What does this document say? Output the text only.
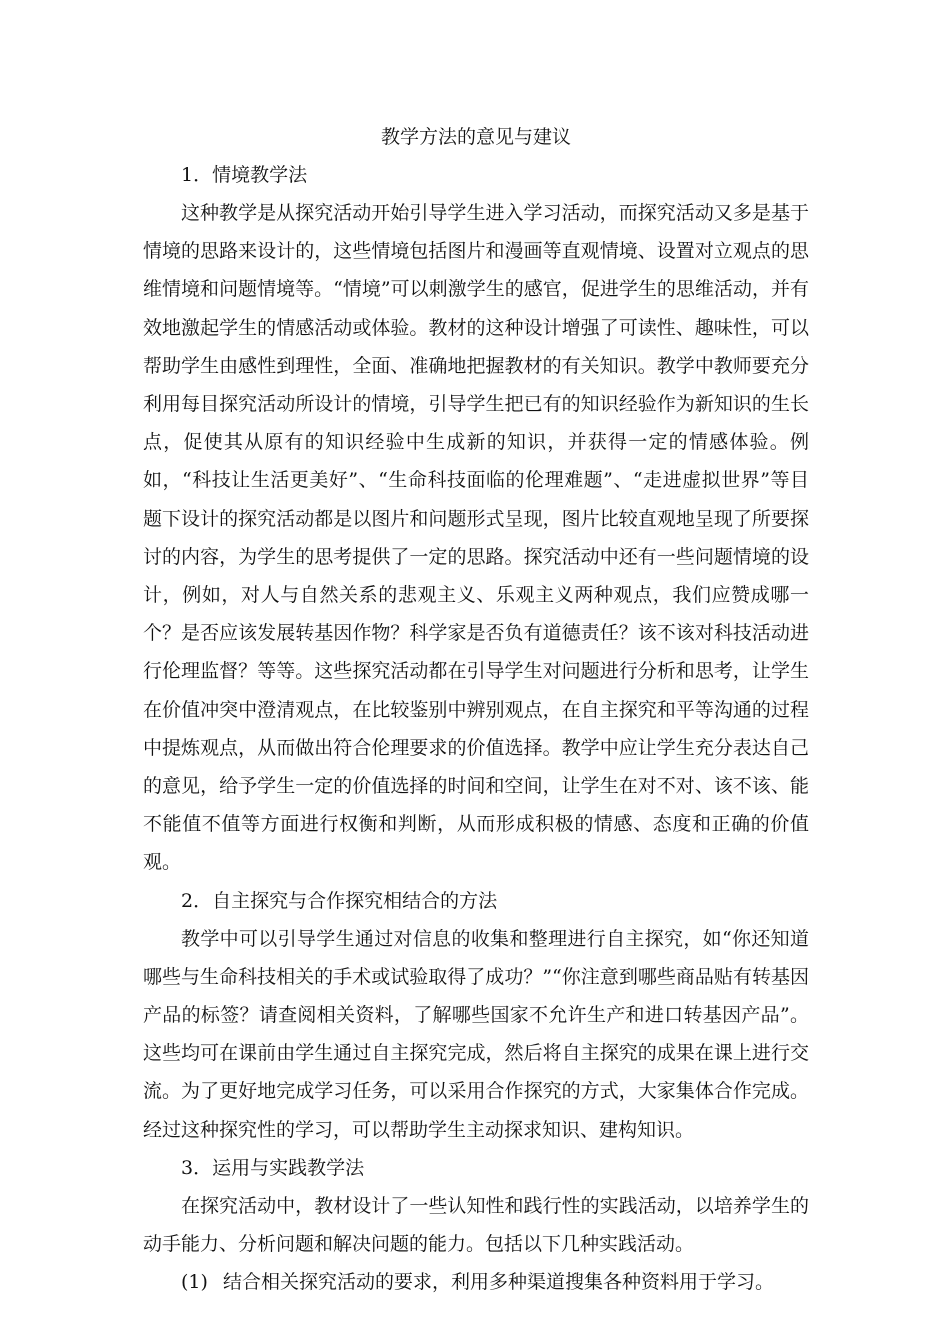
教学方法的意见与建议

1．情境教学法

这种教学是从探究活动开始引导学生进入学习活动，而探究活动又多是基于情境的思路来设计的，这些情境包括图片和漫画等直观情境、设置对立观点的思维情境和问题情境等。“情境”可以刺激学生的感官，促进学生的思维活动，并有效地激起学生的情感活动或体验。教材的这种设计增强了可读性、趣味性，可以帮助学生由感性到理性，全面、准确地把握教材的有关知识。教学中教师要充分利用每目探究活动所设计的情境，引导学生把已有的知识经验作为新知识的生长点，促使其从原有的知识经验中生成新的知识，并获得一定的情感体验。例如，“科技让生活更美好”、“生命科技面临的伦理难题”、“走进虚拟世界”等目题下设计的探究活动都是以图片和问题形式呈现，图片比较直观地呈现了所要探讨的内容，为学生的思考提供了一定的思路。探究活动中还有一些问题情境的设计，例如，对人与自然关系的悲观主义、乐观主义两种观点，我们应赞成哪一个？是否应该发展转基因作物？科学家是否负有道德责任？该不该对科技活动进行伦理监督？等等。这些探究活动都在引导学生对问题进行分析和思考，让学生在价值冲突中澄清观点，在比较鉴别中辨别观点，在自主探究和平等沟通的过程中提炼观点，从而做出符合伦理要求的价值选择。教学中应让学生充分表达自己的意见，给予学生一定的价值选择的时间和空间，让学生在对不对、该不该、能不能值不值等方面进行权衡和判断，从而形成积极的情感、态度和正确的价值观。

2．自主探究与合作探究相结合的方法

教学中可以引导学生通过对信息的收集和整理进行自主探究，如“你还知道哪些与生命科技相关的手术或试验取得了成功？”“你注意到哪些商品贴有转基因产品的标签？请查阅相关资料，了解哪些国家不允许生产和进口转基因产品”。这些均可在课前由学生通过自主探究完成，然后将自主探究的成果在课上进行交流。为了更好地完成学习任务，可以采用合作探究的方式，大家集体合作完成。经过这种探究性的学习，可以帮助学生主动探求知识、建构知识。

3．运用与实践教学法

在探究活动中，教材设计了一些认知性和践行性的实践活动，以培养学生的动手能力、分析问题和解决问题的能力。包括以下几种实践活动。

(1) 结合相关探究活动的要求，利用多种渠道搜集各种资料用于学习。
